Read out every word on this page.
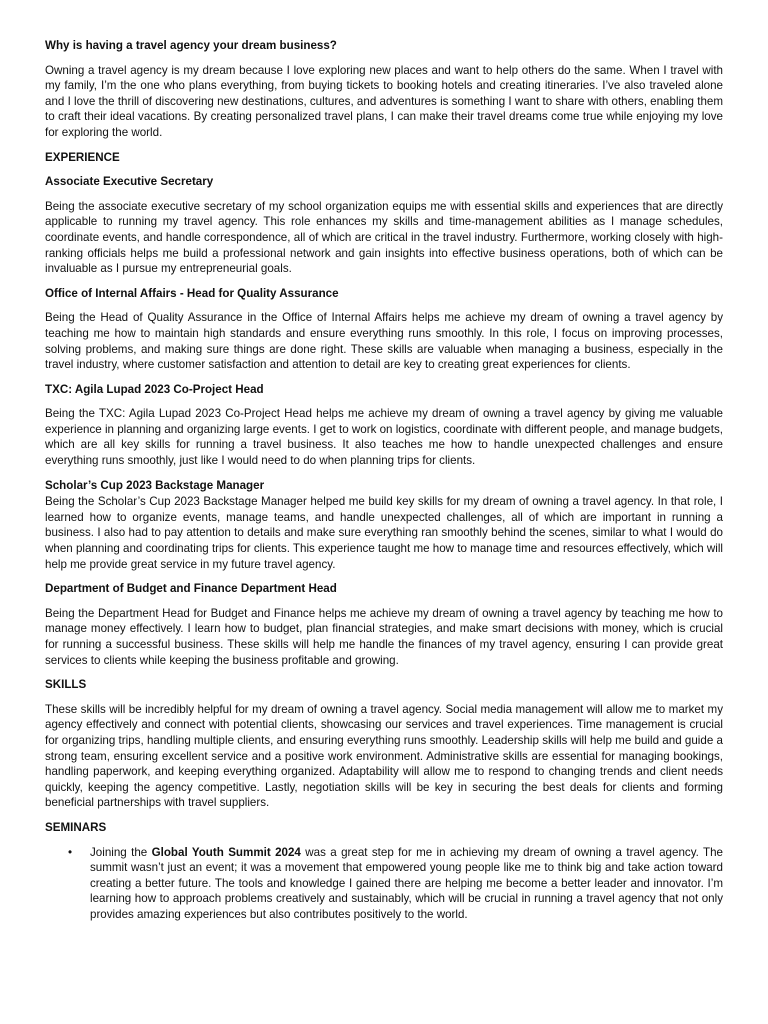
Why is having a travel agency your dream business?

Owning a travel agency is my dream because I love exploring new places and want to help others do the same. When I travel with my family, I’m the one who plans everything, from buying tickets to booking hotels and creating itineraries. I’ve also traveled alone and I love the thrill of discovering new destinations, cultures, and adventures is something I want to share with others, enabling them to craft their ideal vacations. By creating personalized travel plans, I can make their travel dreams come true while enjoying my love for exploring the world.

EXPERIENCE
Associate Executive Secretary

Being the associate executive secretary of my school organization equips me with essential skills and experiences that are directly applicable to running my travel agency. This role enhances my skills and time-management abilities as I manage schedules, coordinate events, and handle correspondence, all of which are critical in the travel industry. Furthermore, working closely with high-ranking officials helps me build a professional network and gain insights into effective business operations, both of which can be invaluable as I pursue my entrepreneurial goals.

Office of Internal Affairs - Head for Quality Assurance

Being the Head of Quality Assurance in the Office of Internal Affairs helps me achieve my dream of owning a travel agency by teaching me how to maintain high standards and ensure everything runs smoothly. In this role, I focus on improving processes, solving problems, and making sure things are done right. These skills are valuable when managing a business, especially in the travel industry, where customer satisfaction and attention to detail are key to creating great experiences for clients.

TXC: Agila Lupad 2023 Co-Project Head

Being the TXC: Agila Lupad 2023 Co-Project Head helps me achieve my dream of owning a travel agency by giving me valuable experience in planning and organizing large events. I get to work on logistics, coordinate with different people, and manage budgets, which are all key skills for running a travel business. It also teaches me how to handle unexpected challenges and ensure everything runs smoothly, just like I would need to do when planning trips for clients.

Scholar’s Cup 2023 Backstage Manager

Being the Scholar’s Cup 2023 Backstage Manager helped me build key skills for my dream of owning a travel agency. In that role, I learned how to organize events, manage teams, and handle unexpected challenges, all of which are important in running a business. I also had to pay attention to details and make sure everything ran smoothly behind the scenes, similar to what I would do when planning and coordinating trips for clients. This experience taught me how to manage time and resources effectively, which will help me provide great service in my future travel agency.

Department of Budget and Finance Department Head

Being the Department Head for Budget and Finance helps me achieve my dream of owning a travel agency by teaching me how to manage money effectively. I learn how to budget, plan financial strategies, and make smart decisions with money, which is crucial for running a successful business. These skills will help me handle the finances of my travel agency, ensuring I can provide great services to clients while keeping the business profitable and growing.

SKILLS

These skills will be incredibly helpful for my dream of owning a travel agency. Social media management will allow me to market my agency effectively and connect with potential clients, showcasing our services and travel experiences. Time management is crucial for organizing trips, handling multiple clients, and ensuring everything runs smoothly. Leadership skills will help me build and guide a strong team, ensuring excellent service and a positive work environment. Administrative skills are essential for managing bookings, handling paperwork, and keeping everything organized. Adaptability will allow me to respond to changing trends and client needs quickly, keeping the agency competitive. Lastly, negotiation skills will be key in securing the best deals for clients and forming beneficial partnerships with travel suppliers.

SEMINARS
• Joining the Global Youth Summit 2024 was a great step for me in achieving my dream of owning a travel agency. The summit wasn’t just an event; it was a movement that empowered young people like me to think big and take action toward creating a better future. The tools and knowledge I gained there are helping me become a better leader and innovator. I’m learning how to approach problems creatively and sustainably, which will be crucial in running a travel agency that not only provides amazing experiences but also contributes positively to the world.
